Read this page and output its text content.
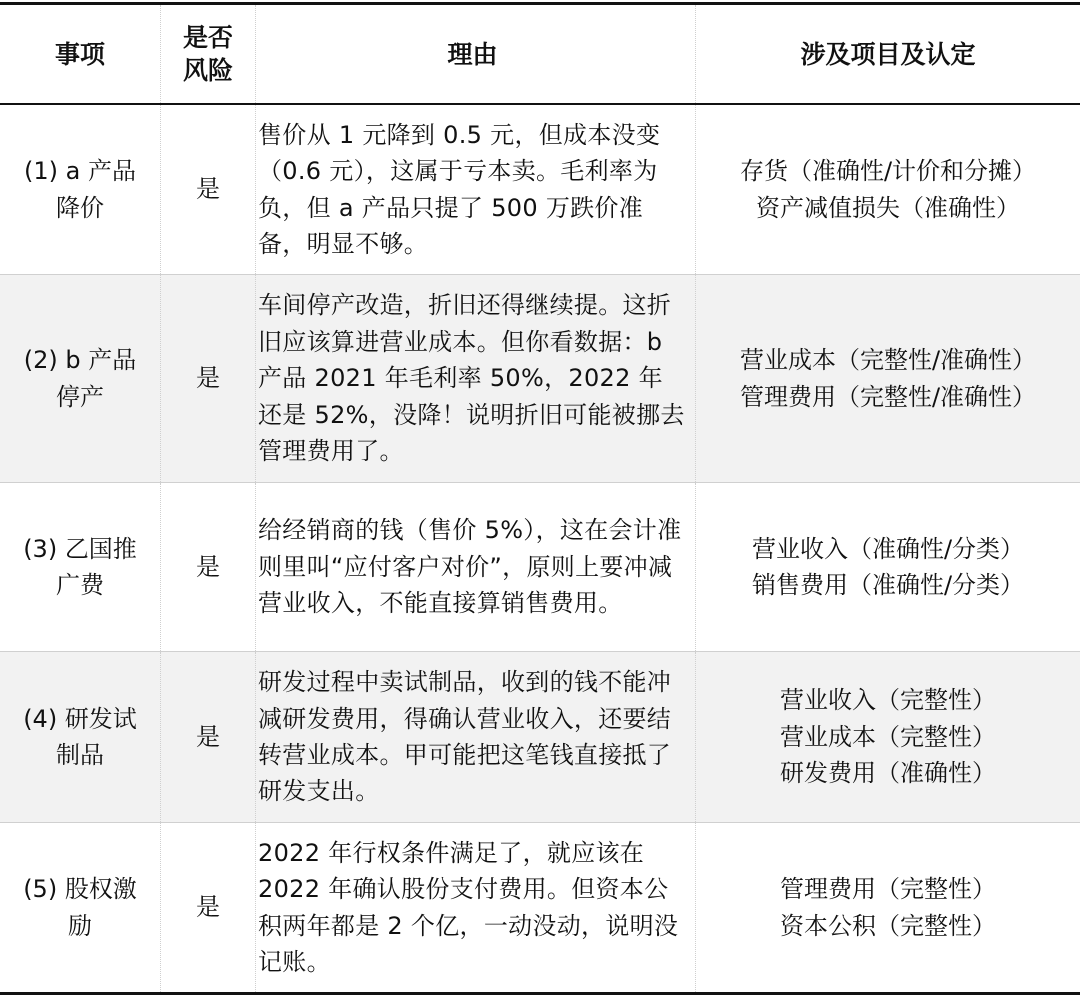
事项
是否
风险
理由	涉及项目及认定
(1) a 产品
降价
是
售价从 1 元降到 0.5 元，但成本没变（0.6 元），这属于亏本卖。毛利率为负，但 a 产品只提了 500 万跌价准备，明显不够。
存货（准确性/计价和分摊）
资产减值损失（准确性）
(2) b 产品
停产
是
车间停产改造，折旧还得继续提。这折旧应该算进营业成本。但你看数据：b 产品 2021 年毛利率 50%，2022 年还是 52%，没降！说明折旧可能被挪去管理费用了。
营业成本（完整性/准确性）
管理费用（完整性/准确性）
(3) 乙国推
广费
是
给经销商的钱（售价 5%），这在会计准则里叫“应付客户对价”，原则上要冲减营业收入，不能直接算销售费用。
营业收入（准确性/分类）
销售费用（准确性/分类）
(4) 研发试
制品
是
研发过程中卖试制品，收到的钱不能冲减研发费用，得确认营业收入，还要结转营业成本。甲可能把这笔钱直接抵了研发支出。
营业收入（完整性）
营业成本（完整性）
研发费用（准确性）
(5) 股权激
励
是
2022 年行权条件满足了，就应该在2022 年确认股份支付费用。但资本公积两年都是 2 个亿，一动没动，说明没记账。
管理费用（完整性）
资本公积（完整性）
